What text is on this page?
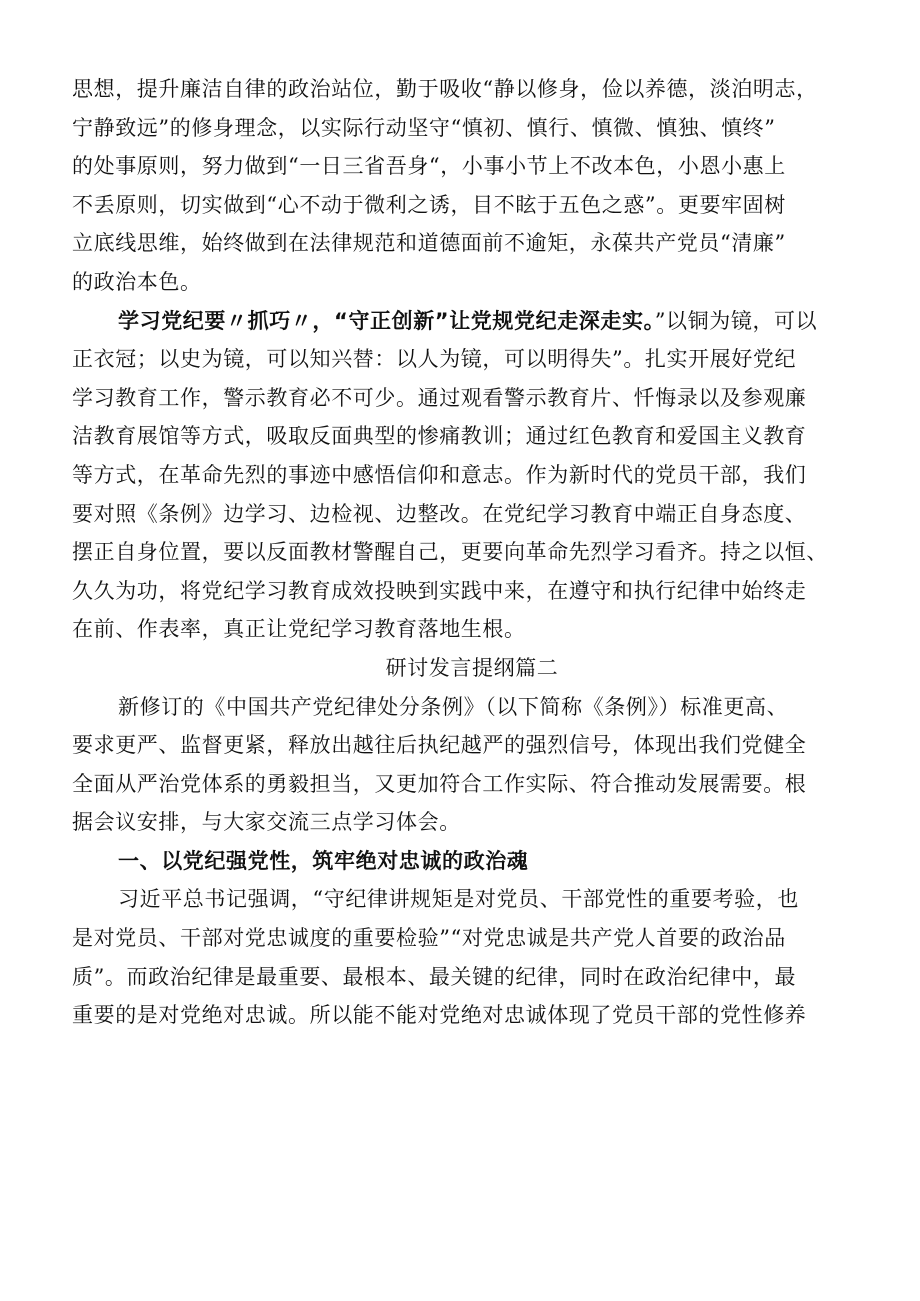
思想，提升廉洁自律的政治站位，勤于吸收“静以修身，俭以养德，淡泊明志，
宁静致远”的修身理念，以实际行动坚守“慎初、慎行、慎微、慎独、慎终”
的处事原则，努力做到“一日三省吾身“，小事小节上不改本色，小恩小惠上
不丢原则，切实做到“心不动于微利之诱，目不眩于五色之惑”。更要牢固树
立底线思维，始终做到在法律规范和道德面前不逾矩，永葆共产党员“清廉”
的政治本色。
学习党纪要〃抓巧〃，“守正创新”让党规党纪走深走实。”以铜为镜，可以
正衣冠；以史为镜，可以知兴替：以人为镜，可以明得失”。扎实开展好党纪
学习教育工作，警示教育必不可少。通过观看警示教育片、忏悔录以及参观廉
洁教育展馆等方式，吸取反面典型的惨痛教训；通过红色教育和爱国主义教育
等方式，在革命先烈的事迹中感悟信仰和意志。作为新时代的党员干部，我们
要对照《条例》边学习、边检视、边整改。在党纪学习教育中端正自身态度、
摆正自身位置，要以反面教材警醒自己，更要向革命先烈学习看齐。持之以恒、
久久为功，将党纪学习教育成效投映到实践中来，在遵守和执行纪律中始终走
在前、作表率，真正让党纪学习教育落地生根。
研讨发言提纲篇二
新修订的《中国共产党纪律处分条例》（以下简称《条例》）标准更高、
要求更严、监督更紧，释放出越往后执纪越严的强烈信号，体现出我们党健全
全面从严治党体系的勇毅担当，又更加符合工作实际、符合推动发展需要。根
据会议安排，与大家交流三点学习体会。
一、以党纪强党性，筑牢绝对忠诚的政治魂
习近平总书记强调，“守纪律讲规矩是对党员、干部党性的重要考验，也
是对党员、干部对党忠诚度的重要检验”“对党忠诚是共产党人首要的政治品
质”。而政治纪律是最重要、最根本、最关键的纪律，同时在政治纪律中，最
重要的是对党绝对忠诚。所以能不能对党绝对忠诚体现了党员干部的党性修养
